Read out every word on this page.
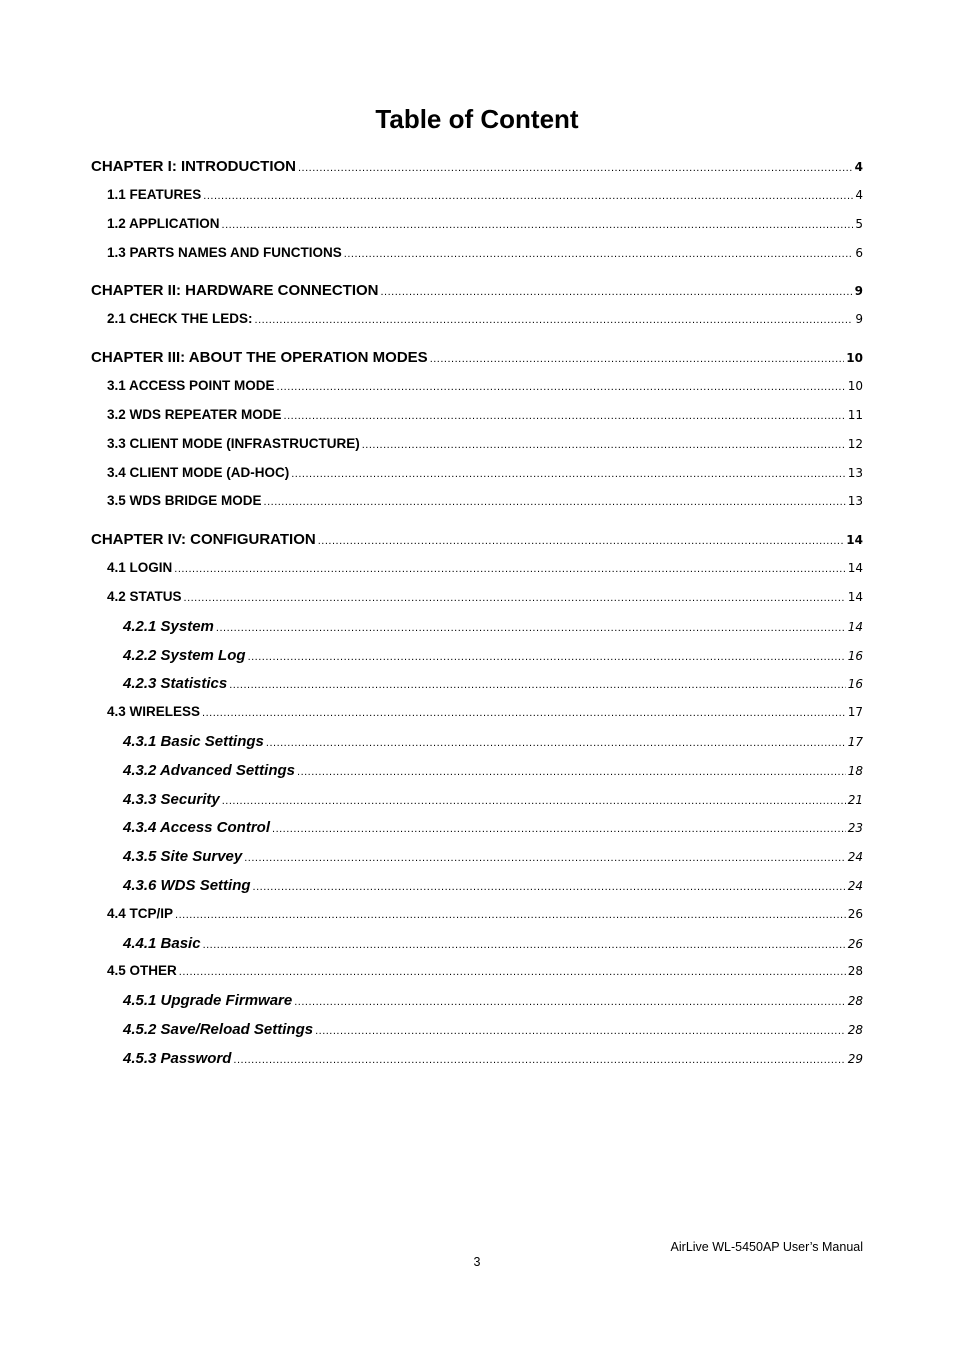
Table of Content
CHAPTER I: INTRODUCTION .....	4
1.1 FEATURES .....	4
1.2 APPLICATION .....	5
1.3 PARTS NAMES AND FUNCTIONS .....	6
CHAPTER II: HARDWARE CONNECTION .....	9
2.1 CHECK THE LEDS: .....	9
CHAPTER III: ABOUT THE OPERATION MODES .....	10
3.1 ACCESS POINT MODE .....	10
3.2 WDS REPEATER MODE .....	11
3.3 CLIENT MODE (INFRASTRUCTURE) .....	12
3.4 CLIENT MODE (AD-HOC) .....	13
3.5 WDS BRIDGE MODE .....	13
CHAPTER IV: CONFIGURATION .....	14
4.1 LOGIN .....	14
4.2 STATUS .....	14
4.2.1 System .....	14
4.2.2 System Log .....	16
4.2.3 Statistics .....	16
4.3 WIRELESS .....	17
4.3.1 Basic Settings .....	17
4.3.2 Advanced Settings .....	18
4.3.3 Security .....	21
4.3.4 Access Control .....	23
4.3.5 Site Survey .....	24
4.3.6 WDS Setting .....	24
4.4 TCP/IP .....	26
4.4.1 Basic .....	26
4.5 OTHER .....	28
4.5.1 Upgrade Firmware .....	28
4.5.2 Save/Reload Settings .....	28
4.5.3 Password .....	29
AirLive WL-5450AP User’s Manual
3
